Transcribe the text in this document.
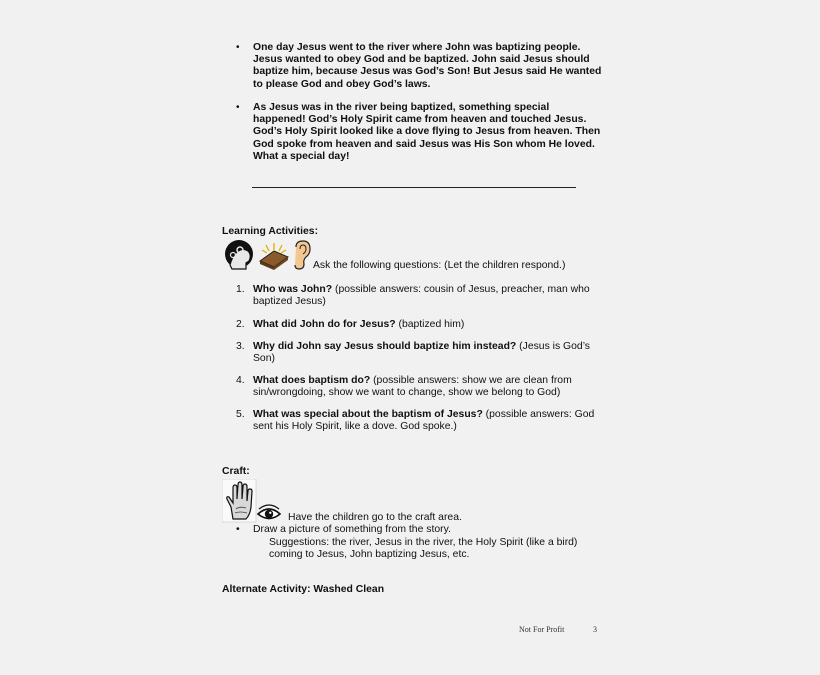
• One day Jesus went to the river where John was baptizing people. Jesus wanted to obey God and be baptized. John said Jesus should baptize him, because Jesus was God’s Son! But Jesus said He wanted to please God and obey God’s laws.
• As Jesus was in the river being baptized, something special happened! God’s Holy Spirit came from heaven and touched Jesus. God’s Holy Spirit looked like a dove flying to Jesus from heaven. Then God spoke from heaven and said Jesus was His Son whom He loved. What a special day!
Learning Activities:
Ask the following questions: (Let the children respond.)
1. Who was John? (possible answers: cousin of Jesus, preacher, man who baptized Jesus)
2. What did John do for Jesus? (baptized him)
3. Why did John say Jesus should baptize him instead? (Jesus is God’s Son)
4. What does baptism do? (possible answers: show we are clean from sin/wrongdoing, show we want to change, show we belong to God)
5. What was special about the baptism of Jesus? (possible answers: God sent his Holy Spirit, like a dove. God spoke.)
Craft:
Have the children go to the craft area.
• Draw a picture of something from the story.
Suggestions: the river, Jesus in the river, the Holy Spirit (like a bird) coming to Jesus, John baptizing Jesus, etc.
Alternate Activity: Washed Clean
Not For Profit	3
